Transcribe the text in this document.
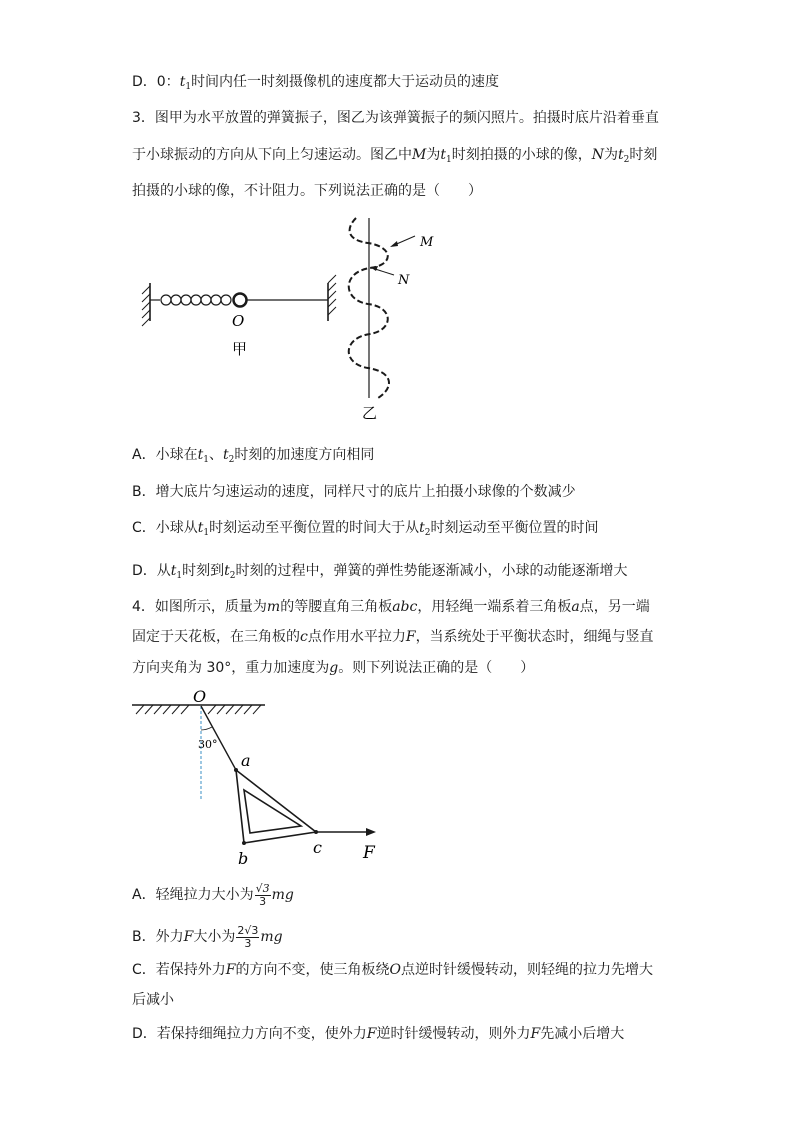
D．0：$t_1$时间内任一时刻摄像机的速度都大于运动员的速度
3．图甲为水平放置的弹簧振子，图乙为该弹簧振子的频闪照片。拍摄时底片沿着垂直
于小球振动的方向从下向上匀速运动。图乙中M为$t_1$时刻拍摄的小球的像，N为$t_2$时刻
拍摄的小球的像，不计阻力。下列说法正确的是（　　）
O
甲
M
N
乙
A．小球在$t_1$、$t_2$时刻的加速度方向相同
B．增大底片匀速运动的速度，同样尺寸的底片上拍摄小球像的个数减少
C．小球从$t_1$时刻运动至平衡位置的时间大于从$t_2$时刻运动至平衡位置的时间
D．从$t_1$时刻到$t_2$时刻的过程中，弹簧的弹性势能逐渐减小，小球的动能逐渐增大
4．如图所示，质量为m的等腰直角三角板abc，用轻绳一端系着三角板a点，另一端
固定于天花板，在三角板的c点作用水平拉力F，当系统处于平衡状态时，细绳与竖直
方向夹角为 30°，重力加速度为g。则下列说法正确的是（　　）
O
30°
a
b
c F
A．轻绳拉力大小为 $\frac{√3}{3}$ mg
B．外力F大小为 $\frac{2√3}{3}$ mg
C．若保持外力F的方向不变，使三角板绕O点逆时针缓慢转动，则轻绳的拉力先增大
后减小
D．若保持细绳拉力方向不变，使外力F逆时针缓慢转动，则外力F先减小后增大
